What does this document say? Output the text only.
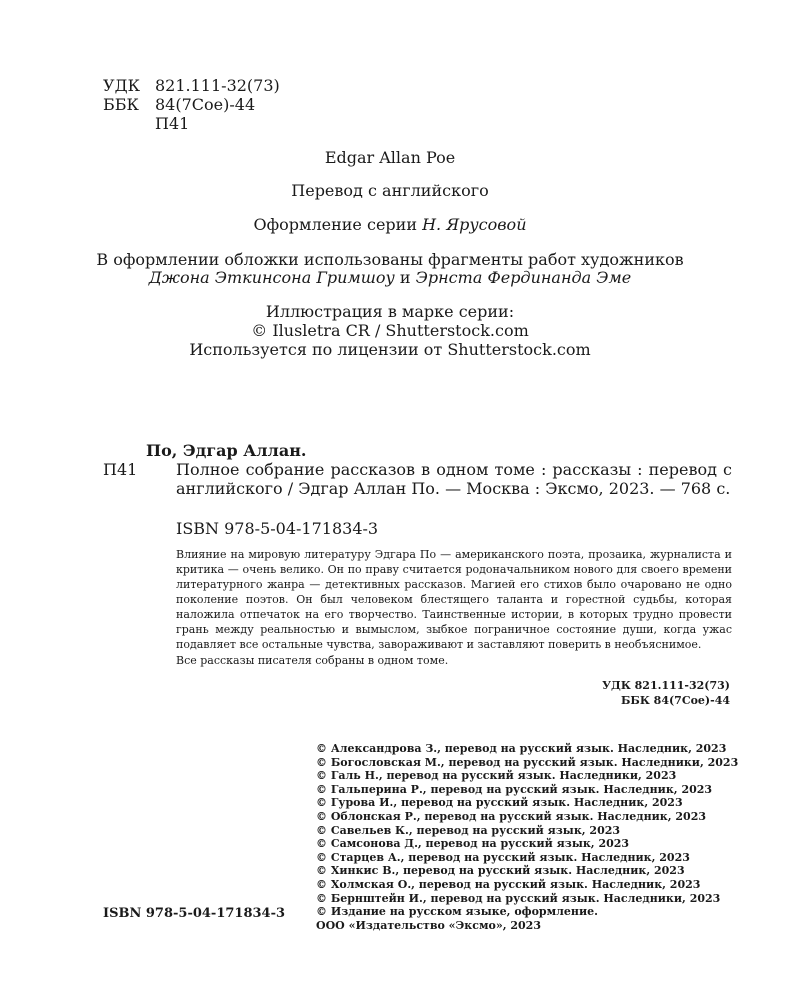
УДК 821.111-32(73)
ББК	84(7Сое)-44
П41
Edgar Allan Poe
Перевод с английского
Оформление серии Н. Ярусовой
В оформлении обложки использованы фрагменты работ художников
Джона Эткинсона Гримшоу и Эрнста Фердинанда Эме
Иллюстрация в марке серии:
© Ilusletra CR / Shutterstock.com
Используется по лицензии от Shutterstock.com
По, Эдгар Аллан.
П41 Полное собрание рассказов в одном томе : рассказы : перевод с английского / Эдгар Аллан По. — Москва : Эксмо, 2023. — 768 с.
ISBN 978-5-04-171834-3

Влияние на мировую литературу Эдгара По — американского поэта, прозаика, журналиста и критика — очень велико. Он по праву считается родоначальником нового для своего времени литературного жанра — детективных рассказов. Магией его стихов было очаровано не одно поколение поэтов. Он был человеком блестящего таланта и горестной судьбы, которая наложила отпечаток на его творчество. Таинственные истории, в которых трудно провести грань между реальностью и вымыслом, зыбкое пограничное состояние души, когда ужас подавляет все остальные чувства, завораживают и заставляют поверить в необъяснимое.

Все рассказы писателя собраны в одном томе.

УДК 821.111-32(73)
ББК 84(7Сое)-44
© Александрова З., перевод на русский язык. Наследник, 2023
© Богословская М., перевод на русский язык. Наследники, 2023
© Галь Н., перевод на русский язык. Наследники, 2023
© Гальперина Р., перевод на русский язык. Наследник, 2023
© Гурова И., перевод на русский язык. Наследник, 2023
© Облонская Р., перевод на русский язык. Наследник, 2023
© Савельев К., перевод на русский язык, 2023
© Самсонова Д., перевод на русский язык, 2023
© Старцев А., перевод на русский язык. Наследник, 2023
© Хинкис В., перевод на русский язык. Наследник, 2023
© Холмская О., перевод на русский язык. Наследник, 2023
© Бернштейн И., перевод на русский язык. Наследники, 2023
© Издание на русском языке, оформление.
ООО «Издательство «Эксмо», 2023
ISBN 978-5-04-171834-3
